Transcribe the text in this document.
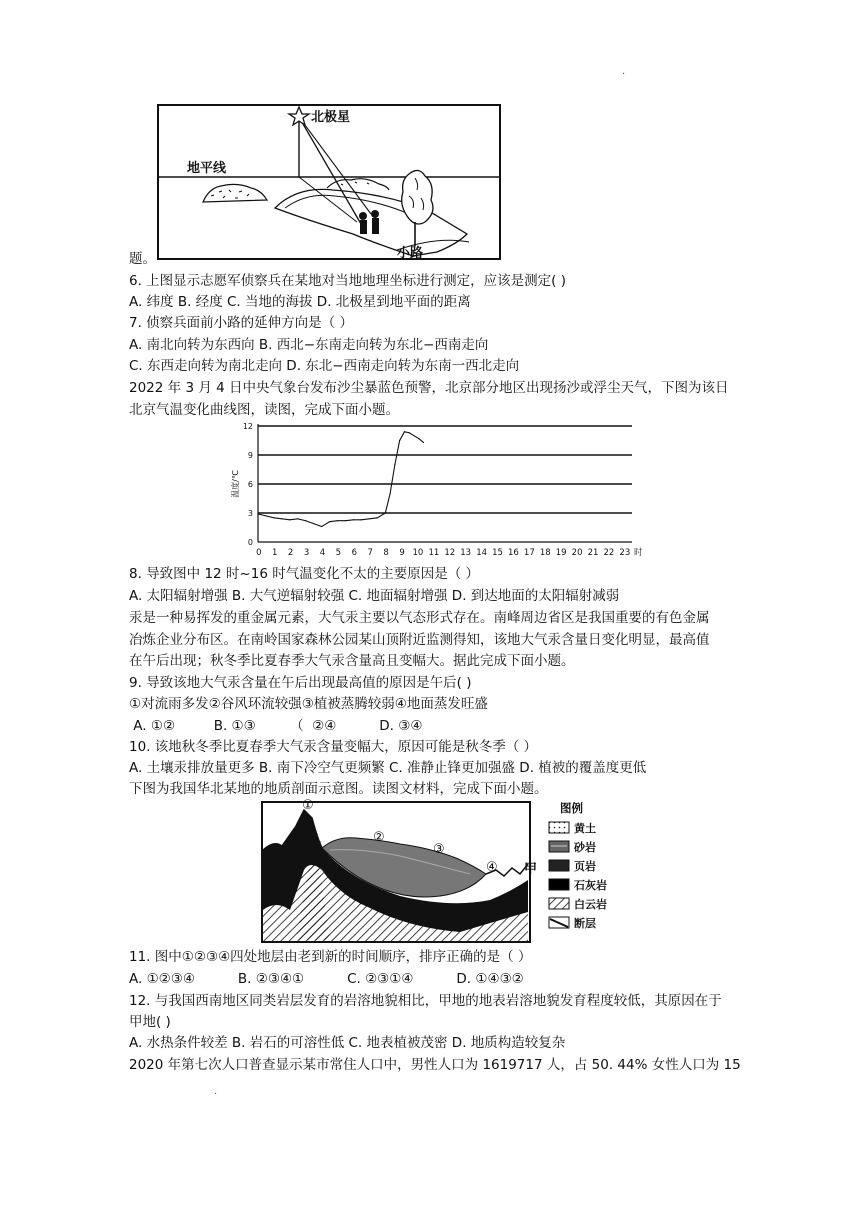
.
.
北极星
地平线
小路
题。
6. 上图显示志愿军侦察兵在某地对当地地理坐标进行测定，应该是测定( )
A. 纬度 B. 经度 C. 当地的海拔 D. 北极星到地平面的距离
7. 侦察兵面前小路的延伸方向是（ ）
A. 南北向转为东西向 B. 西北−东南走向转为东北−西南走向
C. 东西走向转为南北走向 D. 东北−西南走向转为东南一西北走向
2022 年 3 月 4 日中央气象台发布沙尘暴蓝色预警，北京部分地区出现扬沙或浮尘天气，下图为该日
北京气温变化曲线图，读图，完成下面小题。
0
3
6
9
12
0 1 2 3 4 5 6 7 8 9 10 11 12 13 14 15 16 17 18 19 20 21 22 23 时
温度/℃
8. 导致图中 12 时~16 时气温变化不太的主要原因是（ ）
A. 太阳辐射增强 B. 大气逆辐射较强 C. 地面辐射增强 D. 到达地面的太阳辐射减弱
汞是一种易挥发的重金属元素，大气汞主要以气态形式存在。南峰周边省区是我国重要的有色金属
冶炼企业分布区。在南岭国家森林公园某山顶附近监测得知，该地大气汞含量日变化明显，最高值
在午后出现；秋冬季比夏春季大气汞含量高且变幅大。据此完成下面小题。
9. 导致该地大气汞含量在午后出现最高值的原因是午后( )
①对流雨多发②谷风环流较强③植被蒸腾较弱④地面蒸发旺盛
A. ①②         B. ①③        （  ②④          D. ③④
10. 该地秋冬季比夏春季大气汞含量变幅大，原因可能是秋冬季（ ）
A. 土壤汞排放量更多 B. 南下冷空气更频繁 C. 准静止锋更加强盛 D. 植被的覆盖度更低
下图为我国华北某地的地质剖面示意图。读图文材料，完成下面小题。
①
②
③
④ 甲
图例
黄土
砂岩
页岩
石灰岩
白云岩
断层
11. 图中①②③④四处地层由老到新的时间顺序，排序正确的是（ ）
A. ①②③④          B. ②③④①          C. ②③①④          D. ①④③②
12. 与我国西南地区同类岩层发育的岩溶地貌相比，甲地的地表岩溶地貌发育程度较低，其原因在于
甲地( )
A. 水热条件较差 B. 岩石的可溶性低 C. 地表植被茂密 D. 地质构造较复杂
2020 年第七次人口普查显示某市常住人口中，男性人口为 1619717 人，占 50. 44% 女性人口为 15
